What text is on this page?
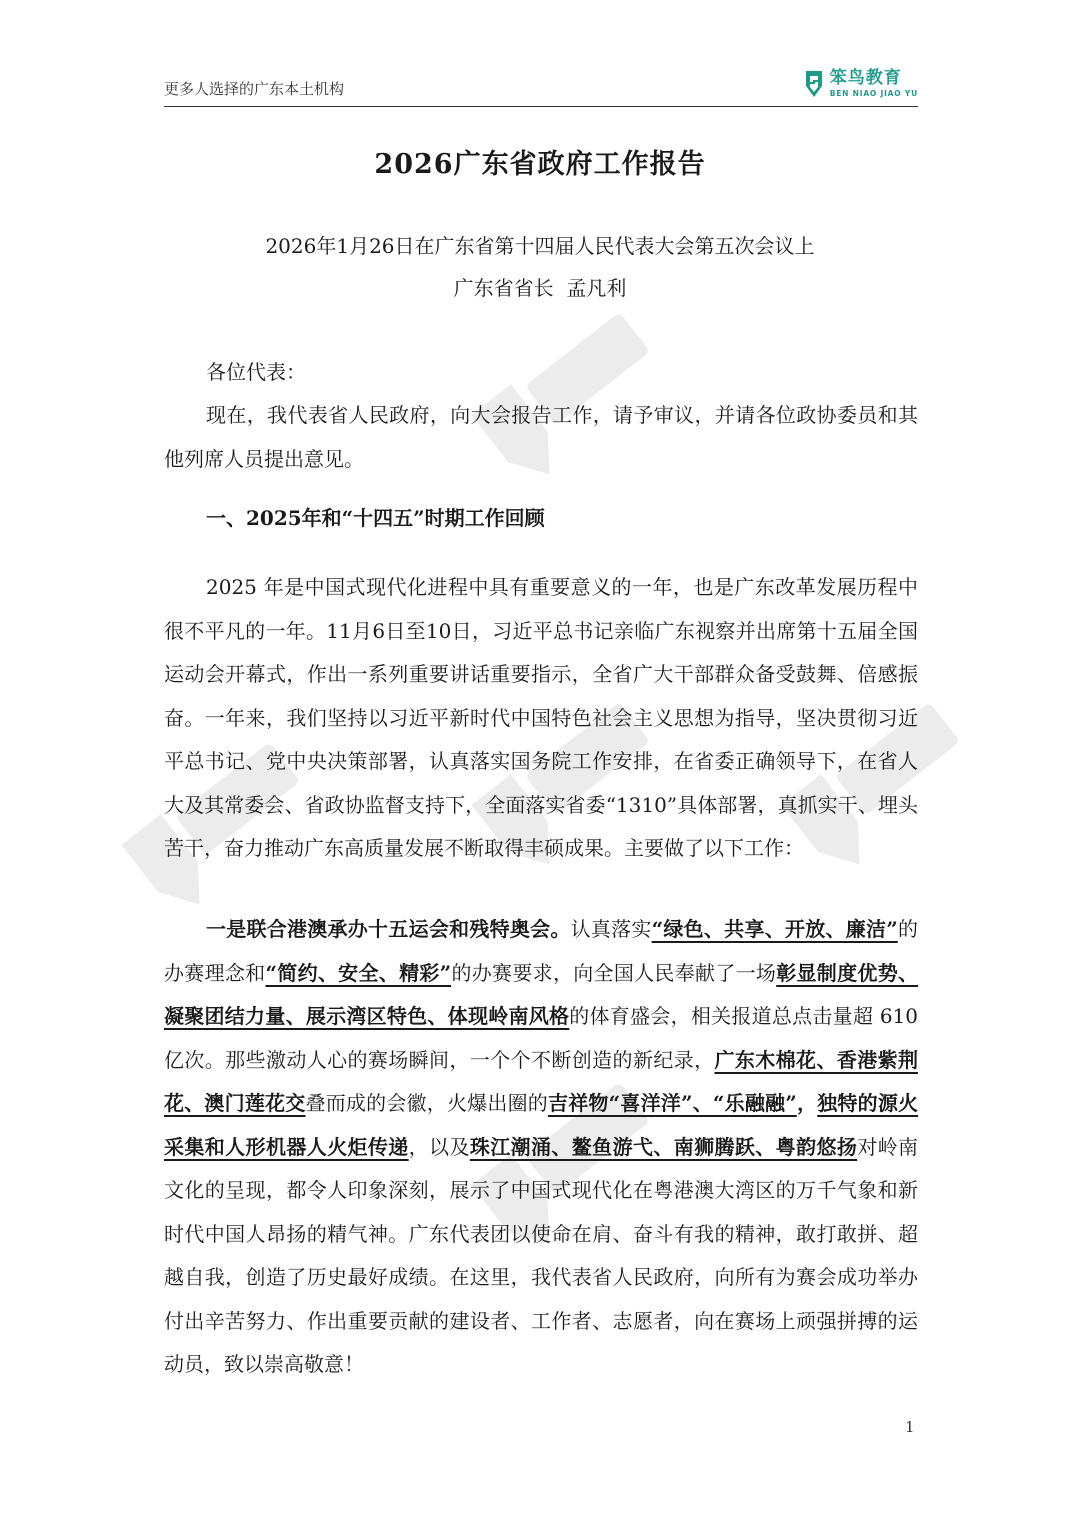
更多人选择的广东本土机构
笨鸟教育
BEN NIAO JIAO YU
2026广东省政府工作报告
2026年1月26日在广东省第十四届人民代表大会第五次会议上
广东省省长  孟凡利
各位代表：
现在，我代表省人民政府，向大会报告工作，请予审议，并请各位政协委员和其他列席人员提出意见。
一、2025年和“十四五”时期工作回顾
2025 年是中国式现代化进程中具有重要意义的一年，也是广东改革发展历程中很不平凡的一年。11月6日至10日，习近平总书记亲临广东视察并出席第十五届全国运动会开幕式，作出一系列重要讲话重要指示，全省广大干部群众备受鼓舞、倍感振奋。一年来，我们坚持以习近平新时代中国特色社会主义思想为指导，坚决贯彻习近平总书记、党中央决策部署，认真落实国务院工作安排，在省委正确领导下，在省人大及其常委会、省政协监督支持下，全面落实省委“1310”具体部署，真抓实干、埋头苦干，奋力推动广东高质量发展不断取得丰硕成果。主要做了以下工作：
一是联合港澳承办十五运会和残特奥会。认真落实“绿色、共享、开放、廉洁”的办赛理念和“简约、安全、精彩”的办赛要求，向全国人民奉献了一场彰显制度优势、凝聚团结力量、展示湾区特色、体现岭南风格的体育盛会，相关报道总点击量超 610 亿次。那些激动人心的赛场瞬间，一个个不断创造的新纪录，广东木棉花、香港紫荆花、澳门莲花交叠而成的会徽，火爆出圈的吉祥物“喜洋洋”、“乐融融”，独特的源火采集和人形机器人火炬传递，以及珠江潮涌、鳌鱼游弋、南狮腾跃、粤韵悠扬对岭南文化的呈现，都令人印象深刻，展示了中国式现代化在粤港澳大湾区的万千气象和新时代中国人昂扬的精气神。广东代表团以使命在肩、奋斗有我的精神，敢打敢拼、超越自我，创造了历史最好成绩。在这里，我代表省人民政府，向所有为赛会成功举办付出辛苦努力、作出重要贡献的建设者、工作者、志愿者，向在赛场上顽强拼搏的运动员，致以崇高敬意！
1
